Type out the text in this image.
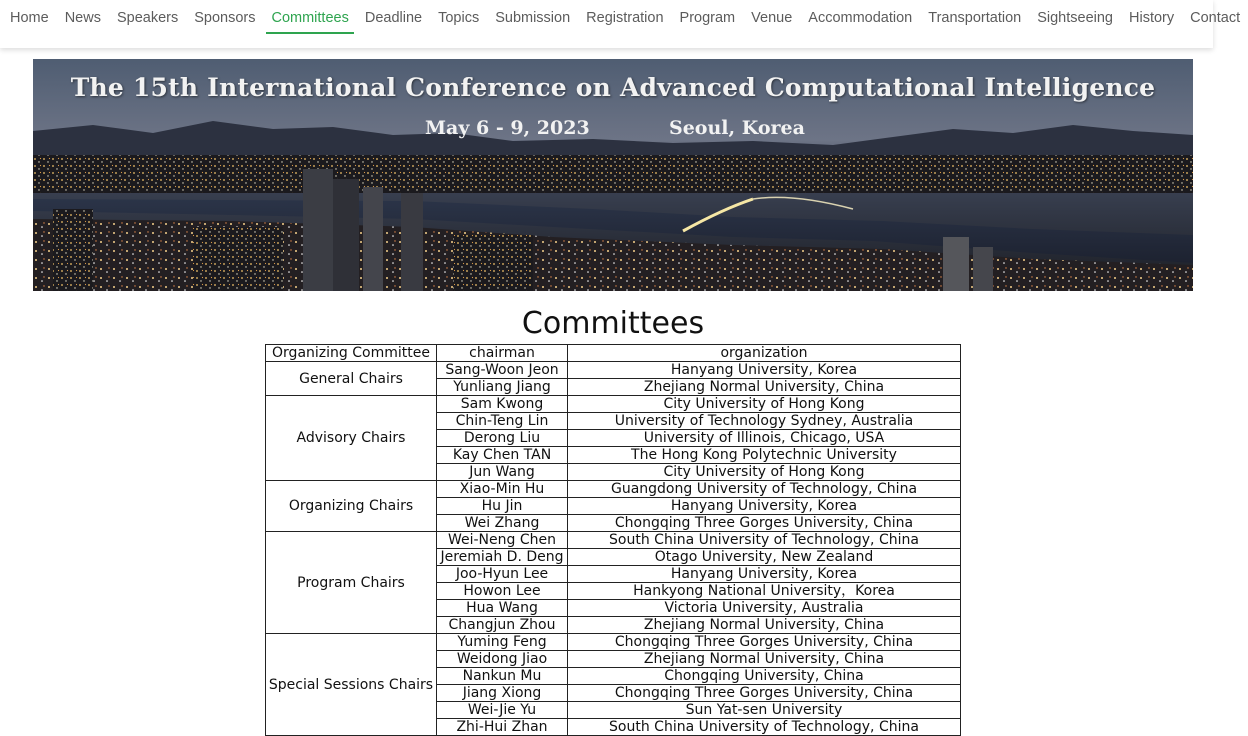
Home	News	Speakers	Sponsors	Committees	Deadline	Topics	Submission	Registration	Program	Venue	Accommodation	Transportation	Sightseeing	History	Contact
The 15th International Conference on Advanced Computational Intelligence
May 6 - 9, 2023	Seoul, Korea
Committees
Organizing Committee	chairman	organization
General Chairs	Sang-Woon Jeon	Hanyang University, Korea
	Yunliang Jiang	Zhejiang Normal University, China
Advisory Chairs	Sam Kwong	City University of Hong Kong
	Chin-Teng Lin	University of Technology Sydney, Australia
	Derong Liu	University of Illinois, Chicago, USA
	Kay Chen TAN	The Hong Kong Polytechnic University
	Jun Wang	City University of Hong Kong
Organizing Chairs	Xiao-Min Hu	Guangdong University of Technology, China
	Hu Jin	Hanyang University, Korea
	Wei Zhang	Chongqing Three Gorges University, China
Program Chairs	Wei-Neng Chen	South China University of Technology, China
	Jeremiah D. Deng	Otago University, New Zealand
	Joo-Hyun Lee	Hanyang University, Korea
	Howon Lee	Hankyong National University，Korea
	Hua Wang	Victoria University, Australia
	Changjun Zhou	Zhejiang Normal University, China
Special Sessions Chairs	Yuming Feng	Chongqing Three Gorges University, China
	Weidong Jiao	Zhejiang Normal University, China
	Nankun Mu	Chongqing University, China
	Jiang Xiong	Chongqing Three Gorges University, China
	Wei-Jie Yu	Sun Yat-sen University
	Zhi-Hui Zhan	South China University of Technology, China
